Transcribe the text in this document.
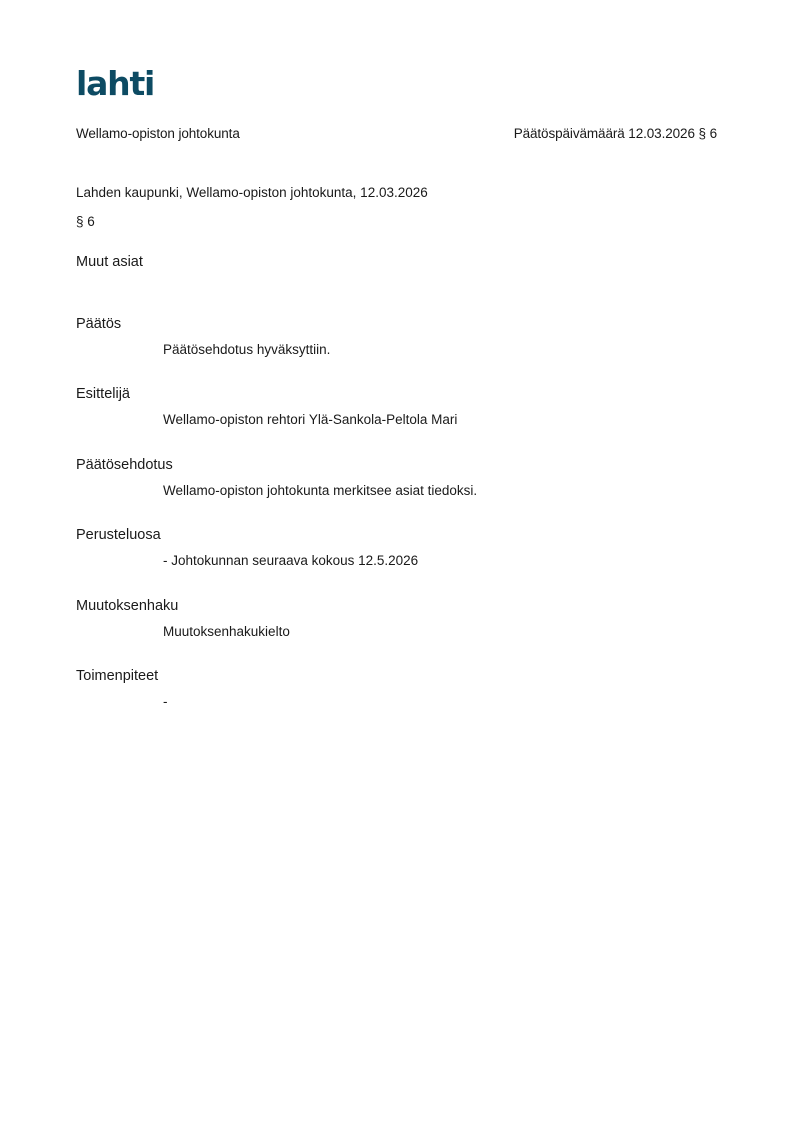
lahti
Wellamo-opiston johtokunta	Päätöspäivämäärä 12.03.2026 § 6
Lahden kaupunki, Wellamo-opiston johtokunta, 12.03.2026
§ 6
Muut asiat
Päätös
Päätösehdotus hyväksyttiin.
Esittelijä
Wellamo-opiston rehtori Ylä-Sankola-Peltola Mari
Päätösehdotus
Wellamo-opiston johtokunta merkitsee asiat tiedoksi.
Perusteluosa
- Johtokunnan seuraava kokous 12.5.2026
Muutoksenhaku
Muutoksenhakukielto
Toimenpiteet
-
